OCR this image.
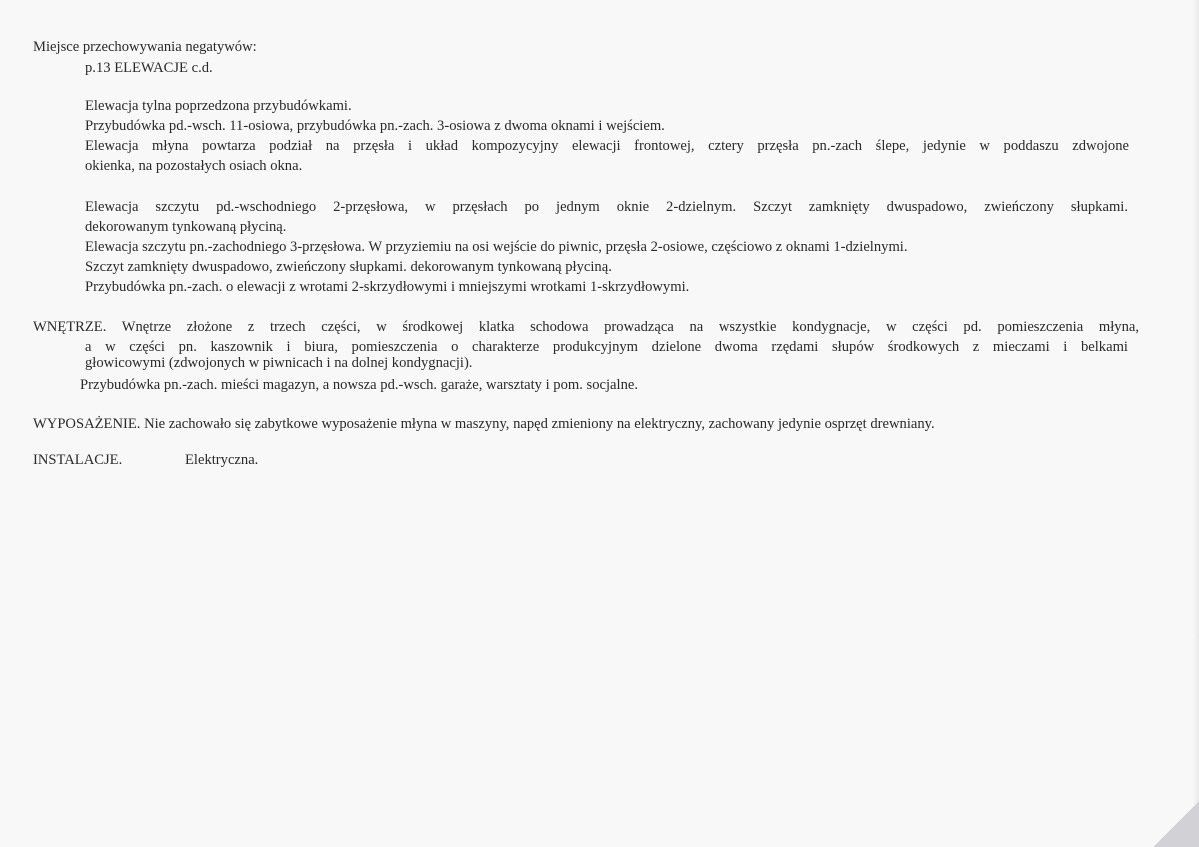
Miejsce przechowywania negatywów:
p.13 ELEWACJE c.d.
Elewacja tylna poprzedzona przybudówkami.
Przybudówka pd.-wsch. 11-osiowa, przybudówka pn.-zach. 3-osiowa z dwoma oknami i wejściem.
Elewacja młyna powtarza podział na przęsła i układ kompozycyjny elewacji frontowej, cztery przęsła pn.-zach ślepe, jedynie w poddaszu zdwojone
okienka, na pozostałych osiach okna.
Elewacja szczytu pd.-wschodniego 2-przęsłowa, w przęsłach po jednym oknie 2-dzielnym. Szczyt zamknięty dwuspadowo, zwieńczony słupkami.
dekorowanym tynkowaną płyciną.
Elewacja szczytu pn.-zachodniego 3-przęsłowa. W przyziemiu na osi wejście do piwnic, przęsła 2-osiowe, częściowo z oknami 1-dzielnymi.
Szczyt zamknięty dwuspadowo, zwieńczony słupkami. dekorowanym tynkowaną płyciną.
Przybudówka pn.-zach. o elewacji z wrotami 2-skrzydłowymi i mniejszymi wrotkami 1-skrzydłowymi.
WNĘTRZE. Wnętrze złożone z trzech części, w środkowej klatka schodowa prowadząca na wszystkie kondygnacje, w części pd. pomieszczenia młyna,
a w części pn. kaszownik i biura, pomieszczenia o charakterze produkcyjnym dzielone dwoma rzędami słupów środkowych z mieczami i belkami
głowicowymi (zdwojonych w piwnicach i na dolnej kondygnacji).
Przybudówka pn.-zach. mieści magazyn, a nowsza pd.-wsch. garaże, warsztaty i pom. socjalne.
WYPOSAŻENIE. Nie zachowało się zabytkowe wyposażenie młyna w maszyny, napęd zmieniony na elektryczny, zachowany jedynie osprzęt drewniany.
INSTALACJE.	Elektryczna.
